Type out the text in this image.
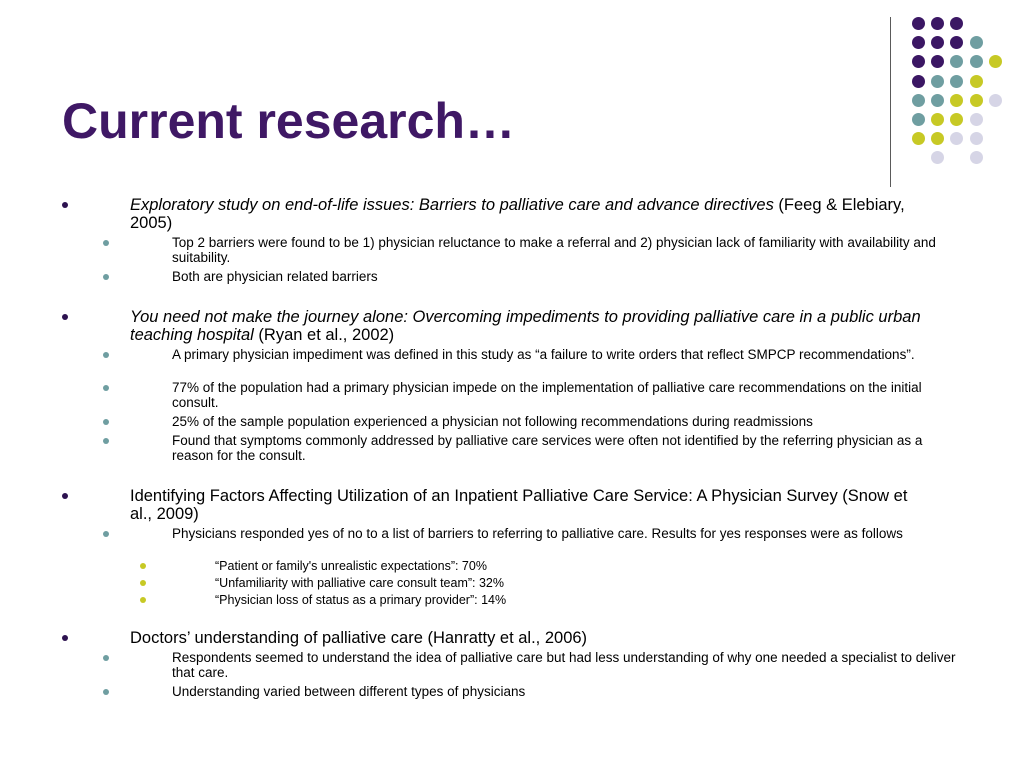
Current research…
Exploratory study on end-of-life issues: Barriers to palliative care and advance directives (Feeg & Elebiary, 2005)
Top 2 barriers were found to be 1) physician reluctance to make a referral and 2) physician lack of familiarity with availability and suitability.
Both are physician related barriers
You need not make the journey alone: Overcoming impediments to providing palliative care in a public urban teaching hospital (Ryan et al., 2002)
A primary physician impediment was defined in this study as “a failure to write orders that reflect SMPCP recommendations”.
77% of the population had a primary physician impede on the implementation of palliative care recommendations on the initial consult.
25% of the sample population experienced a physician not following recommendations during readmissions
Found that symptoms commonly addressed by palliative care services were often not identified by the referring physician as a reason for the consult.
Identifying Factors Affecting Utilization of an Inpatient Palliative Care Service: A Physician Survey (Snow et al., 2009)
Physicians responded yes of no to a list of barriers to referring to palliative care. Results for yes responses were as follows
“Patient or family's unrealistic expectations”: 70%
“Unfamiliarity with palliative care consult team”: 32%
“Physician loss of status as a primary provider”: 14%
Doctors’ understanding of palliative care (Hanratty et al., 2006)
Respondents seemed to understand the idea of palliative care but had less understanding of why one needed a specialist to deliver that care.
Understanding varied between different types of physicians
